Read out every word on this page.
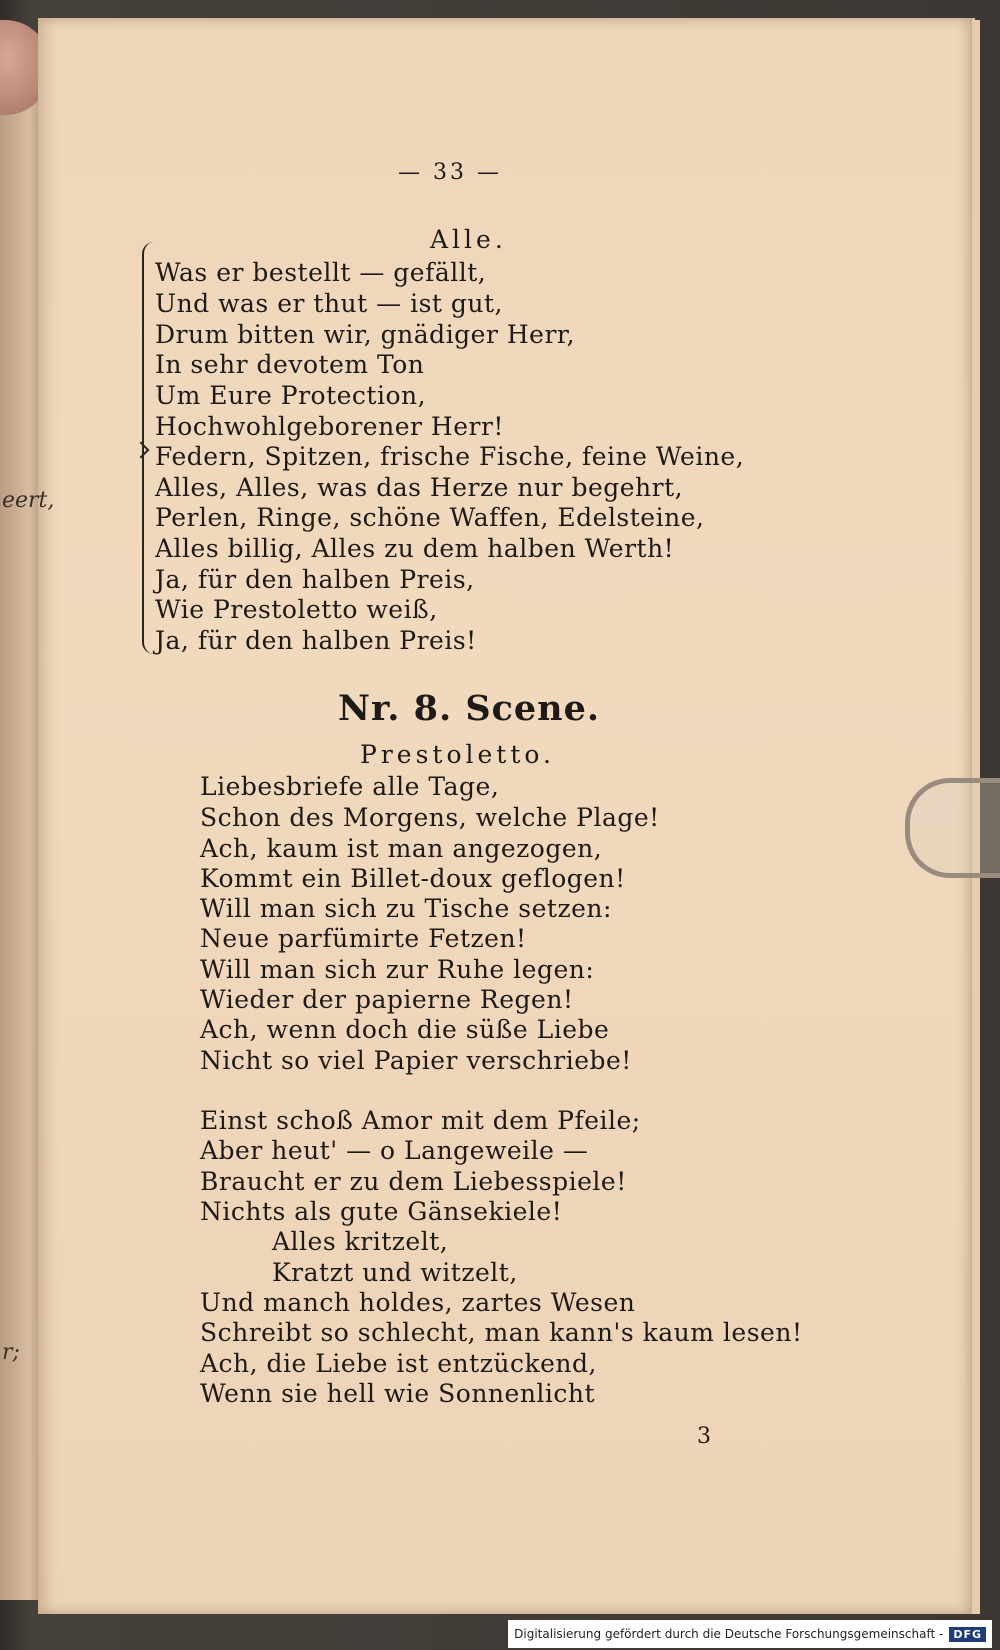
eert,
r;
— 33 —
Alle.
Was er bestellt — gefällt,
Und was er thut — ist gut,
Drum bitten wir, gnädiger Herr,
In sehr devotem Ton
Um Eure Protection,
Hochwohlgeborener Herr!
Federn, Spitzen, frische Fische, feine Weine,
Alles, Alles, was das Herze nur begehrt,
Perlen, Ringe, schöne Waffen, Edelsteine,
Alles billig, Alles zu dem halben Werth!
Ja, für den halben Preis,
Wie Prestoletto weiß,
Ja, für den halben Preis!
Nr. 8. Scene.
Prestoletto.
Liebesbriefe alle Tage,
Schon des Morgens, welche Plage!
Ach, kaum ist man angezogen,
Kommt ein Billet-doux geflogen!
Will man sich zu Tische setzen:
Neue parfümirte Fetzen!
Will man sich zur Ruhe legen:
Wieder der papierne Regen!
Ach, wenn doch die süße Liebe
Nicht so viel Papier verschriebe!
Einst schoß Amor mit dem Pfeile;
Aber heut' — o Langeweile —
Braucht er zu dem Liebesspiele!
Nichts als gute Gänsekiele!
Alles kritzelt,
Kratzt und witzelt,
Und manch holdes, zartes Wesen
Schreibt so schlecht, man kann's kaum lesen!
Ach, die Liebe ist entzückend,
Wenn sie hell wie Sonnenlicht
3
Digitalisierung gefördert durch die Deutsche Forschungsgemeinschaft - DFG
